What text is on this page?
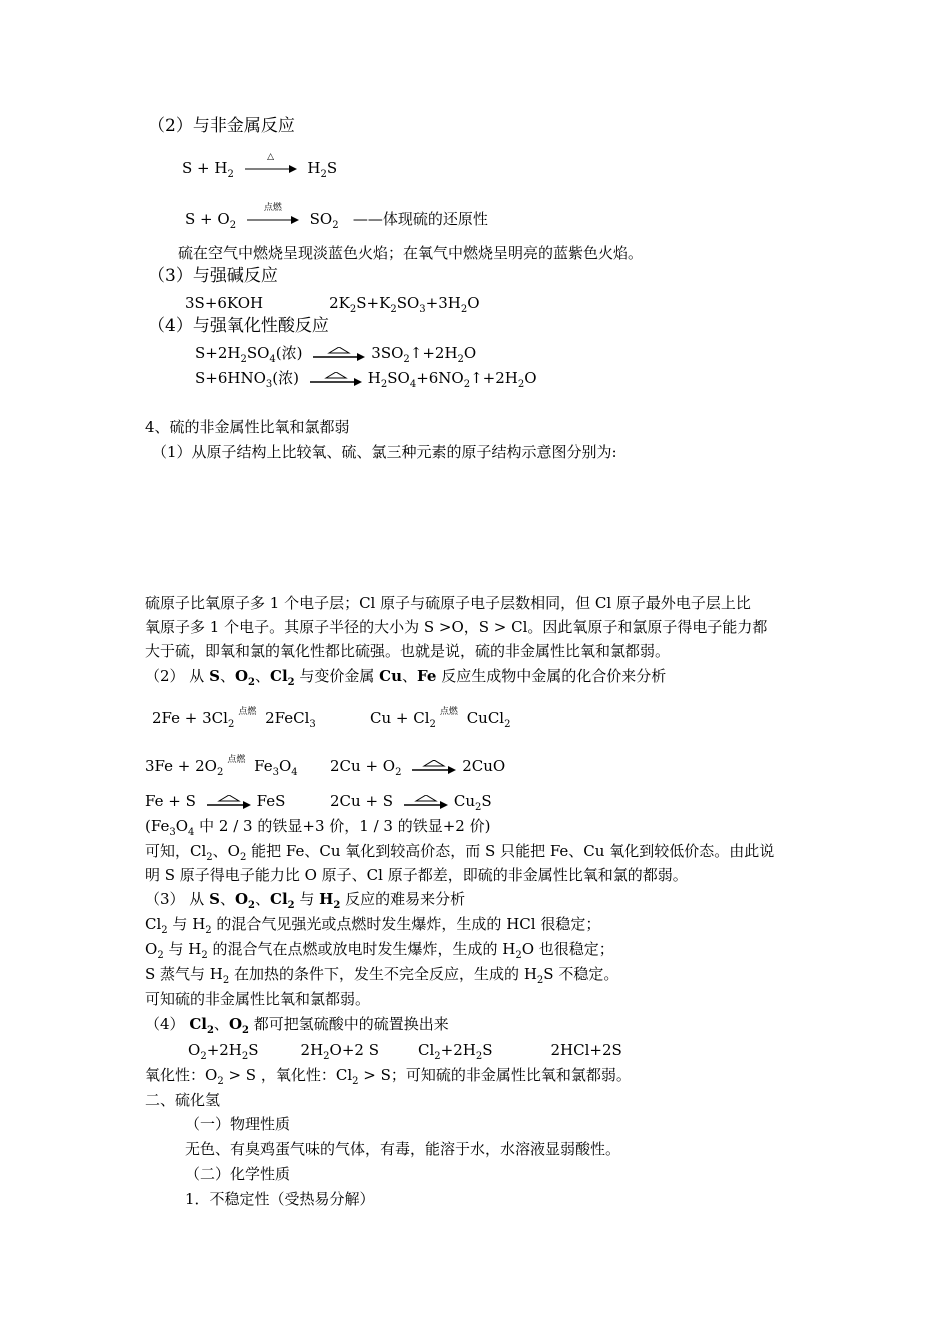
（2）与非金属反应
$S + H_2$
△
$H_2S$
$S + O_2$
点燃
$SO_2$   ——体现硫的还原性
硫在空气中燃烧呈现淡蓝色火焰；在氧气中燃烧呈明亮的蓝紫色火焰。
（3）与强碱反应
3S+6KOH	$2K_2S+K_2SO_3+3H_2O$
（4）与强氧化性酸反应
$S+2H_2SO_4$(浓)	$3SO_2↑+2H_2O$
$S+6HNO_3$(浓)	$H_2SO_4+6NO_2↑+2H_2O$
4、硫的非金属性比氧和氯都弱
（1）从原子结构上比较氧、硫、氯三种元素的原子结构示意图分别为:
硫原子比氧原子多 1 个电子层；Cl 原子与硫原子电子层数相同，但 Cl 原子最外电子层上比
氧原子多 1 个电子。其原子半径的大小为 S >O，S > Cl。因此氧原子和氯原子得电子能力都
大于硫，即氧和氯的氧化性都比硫强。也就是说，硫的非金属性比氧和氯都弱。
（2） 从 S、$O_2$、$Cl_2$ 与变价金属 Cu、Fe 反应生成物中金属的化合价来分析
$2Fe + 3Cl_2$点燃 2FeCl$_3$	$Cu + Cl_2$点燃 CuCl$_2$
$3Fe + 2O_2$点燃 $Fe_3O_4$ $2Cu + O_2$	2CuO
Fe + S	FeS	2Cu + S	$Cu_2S$
($Fe_3O_4$ 中 2 / 3 的铁显+3 价，1 / 3 的铁显+2 价)
可知，$Cl_2$、$O_2$ 能把 Fe、Cu 氧化到较高价态，而 S 只能把 Fe、Cu 氧化到较低价态。由此说
明 S 原子得电子能力比 O 原子、Cl 原子都差，即硫的非金属性比氧和氯的都弱。
（3） 从 S、$O_2$、$Cl_2$ 与 $H_2$ 反应的难易来分析
$Cl_2$ 与 $H_2$ 的混合气见强光或点燃时发生爆炸，生成的 HCl 很稳定；
$O_2$ 与 $H_2$ 的混合气在点燃或放电时发生爆炸，生成的 $H_2O$ 也很稳定；
S 蒸气与 $H_2$ 在加热的条件下，发生不完全反应，生成的 $H_2S$ 不稳定。
可知硫的非金属性比氧和氯都弱。
（4） $Cl_2$、$O_2$ 都可把氢硫酸中的硫置换出来
$O_2+2H_2S$	$2H_2O+2$ S	$Cl_2+2H_2S$	2HCl+2S
氧化性：$O_2 > S$ ，氧化性：$Cl_2 > S$；可知硫的非金属性比氧和氯都弱。
二、硫化氢
（一）物理性质
无色、有臭鸡蛋气味的气体，有毒，能溶于水，水溶液显弱酸性。
（二）化学性质
1．不稳定性（受热易分解）
